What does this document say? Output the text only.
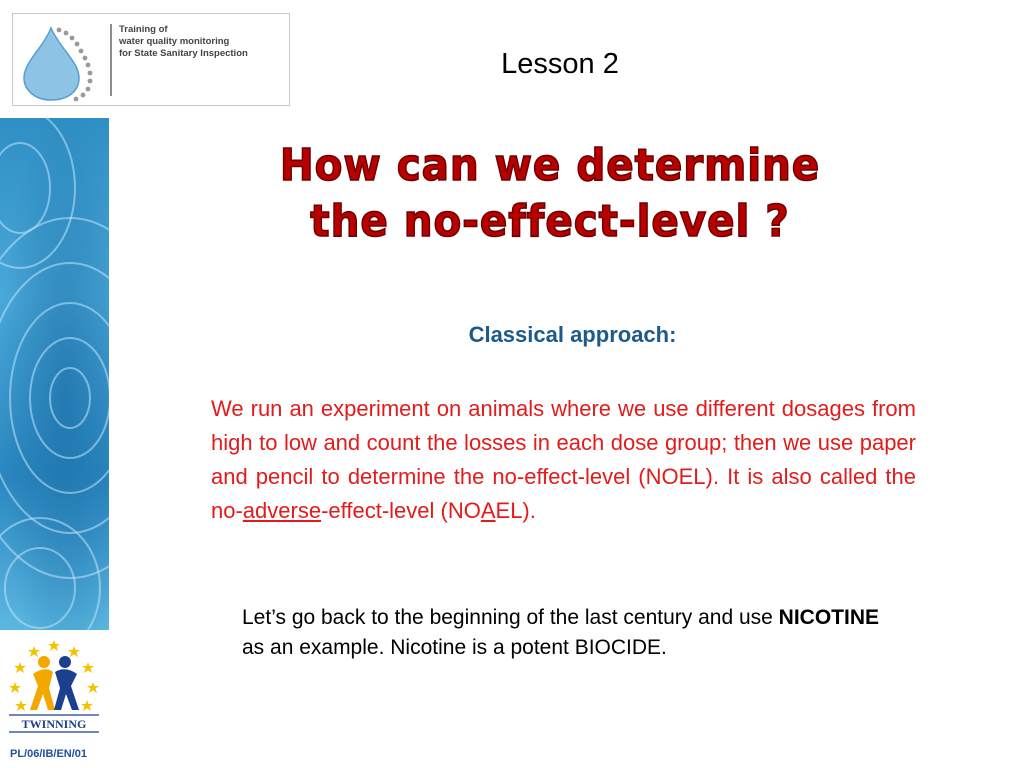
Training of
water quality monitoring
for State Sanitary Inspection
TWINNING
PL/06/IB/EN/01
Lesson 2
How can we determine
the no-effect-level ?
Classical approach:
We run an experiment on animals where we use different dosages from high to low and count the losses in each dose group; then we use paper and pencil to determine the no-effect-level (NOEL). It is also called the no-adverse-effect-level (NOAEL).
Let’s go back to the beginning of the last century and use NICOTINE as an example. Nicotine is a potent BIOCIDE.
